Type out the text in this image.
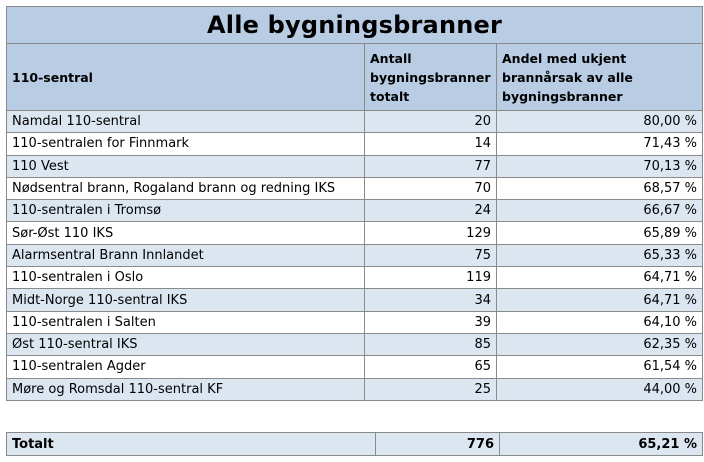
Alle bygningsbranner		
110-sentral	Antall bygningsbranner totalt	Andel med ukjent brannårsak av alle bygningsbranner
Namdal 110-sentral	20	80,00 %
110-sentralen for Finnmark	14	71,43 %
110 Vest	77	70,13 %
Nødsentral brann, Rogaland brann og redning IKS	70	68,57 %
110-sentralen i Tromsø	24	66,67 %
Sør-Øst 110 IKS	129	65,89 %
Alarmsentral Brann Innlandet	75	65,33 %
110-sentralen i Oslo	119	64,71 %
Midt-Norge 110-sentral IKS	34	64,71 %
110-sentralen i Salten	39	64,10 %
Øst 110-sentral IKS	85	62,35 %
110-sentralen Agder	65	61,54 %
Møre og Romsdal 110-sentral KF	25	44,00 %
Totalt	776	65,21 %
